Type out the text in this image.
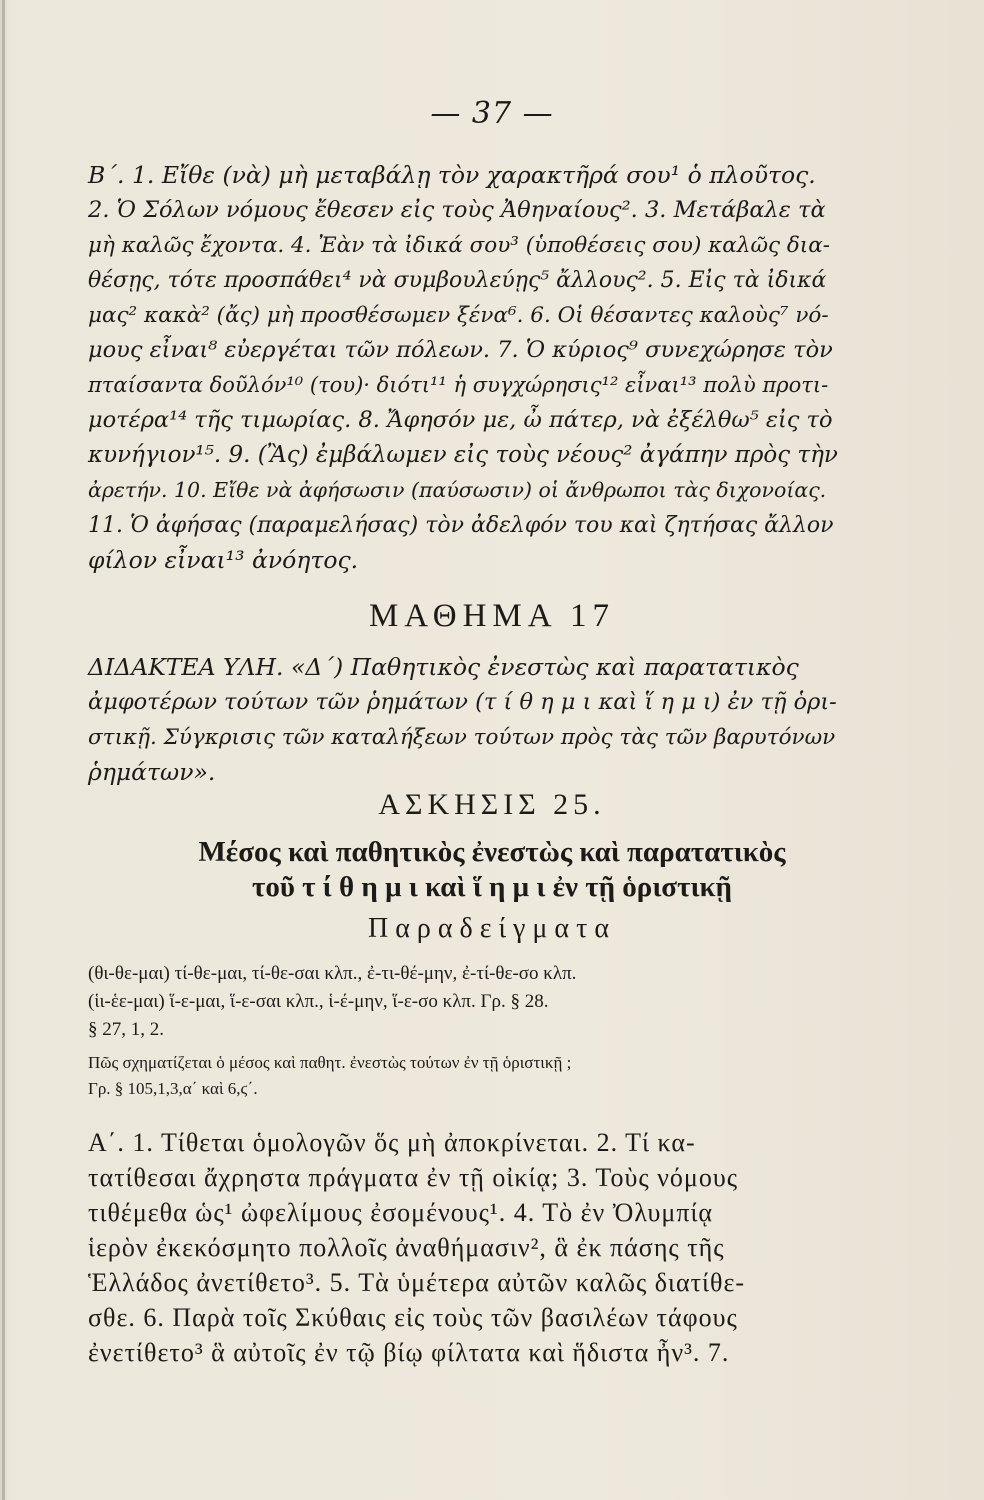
— 37 —
Β΄. 1. Εἴθε (νὰ) μὴ μεταβάλῃ τὸν χαρακτῆρά σου¹ ὁ πλοῦτος.
2. Ὁ Σόλων νόμους ἔθεσεν εἰς τοὺς Ἀθηναίους². 3. Μετάβαλε τὰ
μὴ καλῶς ἔχοντα. 4. Ἐὰν τὰ ἰδικά σου³ (ὑποθέσεις σου) καλῶς δια-
θέσῃς, τότε προσπάθει⁴ νὰ συμβουλεύῃς⁵ ἄλλους². 5. Εἰς τὰ ἰδικά
μας² κακὰ² (ἄς) μὴ προσθέσωμεν ξένα⁶. 6. Οἱ θέσαντες καλοὺς⁷ νό-
μους εἶναι⁸ εὐεργέται τῶν πόλεων. 7. Ὁ κύριος⁹ συνεχώρησε τὸν
πταίσαντα δοῦλόν¹⁰ (του)· διότι¹¹ ἡ συγχώρησις¹² εἶναι¹³ πολὺ προτι-
μοτέρα¹⁴ τῆς τιμωρίας. 8. Ἄφησόν με, ὦ πάτερ, νὰ ἐξέλθω⁵ εἰς τὸ
κυνήγιον¹⁵. 9. (Ἂς) ἐμβάλωμεν εἰς τοὺς νέους² ἀγάπην πρὸς τὴν
ἀρετήν. 10. Εἴθε νὰ ἀφήσωσιν (παύσωσιν) οἱ ἄνθρωποι τὰς διχονοίας.
11. Ὁ ἀφήσας (παραμελήσας) τὸν ἀδελφόν του καὶ ζητήσας ἄλλον
φίλον εἶναι¹³ ἀνόητος.
ΜΑΘΗΜΑ 17
ΔΙΔΑΚΤΕΑ ΥΛΗ. «Δ΄) Παθητικὸς ἐνεστὼς καὶ παρατατικὸς
ἀμφοτέρων τούτων τῶν ῥημάτων (τ ί θ η μ ι καὶ ἵ η μ ι) ἐν τῇ ὁρι-
στικῇ. Σύγκρισις τῶν καταλήξεων τούτων πρὸς τὰς τῶν βαρυτόνων
ῥημάτων».
ΑΣΚΗΣΙΣ 25.
Μέσος καὶ παθητικὸς ἐνεστὼς καὶ παρατατικὸς
τοῦ τ ί θ η μ ι καὶ ἵ η μ ι ἐν τῇ ὁριστικῇ
Παραδείγματα
(θι-θε-μαι) τί-θε-μαι, τί-θε-σαι κλπ., ἐ-τι-θέ-μην, ἐ-τί-θε-σο κλπ.
(ἱι-ἑε-μαι) ἵ-ε-μαι, ἵ-ε-σαι κλπ., ἱ-έ-μην, ἵ-ε-σο κλπ. Γρ. § 28.
§ 27, 1, 2.
Πῶς σχηματίζεται ὁ μέσος καὶ παθητ. ἐνεστὼς τούτων ἐν τῇ ὁριστικῇ ;
Γρ. § 105,1,3,α΄ καὶ 6,ϛ΄.
Α΄. 1. Τίθεται ὁμολογῶν ὅς μὴ ἀποκρίνεται. 2. Τί κα-
τατίθεσαι ἄχρηστα πράγματα ἐν τῇ οἰκίᾳ; 3. Τοὺς νόμους
τιθέμεθα ὡς¹ ὠφελίμους ἐσομένους¹. 4. Τὸ ἐν Ὀλυμπίᾳ
ἱερὸν ἐκεκόσμητο πολλοῖς ἀναθήμασιν², ἃ ἐκ πάσης τῆς
Ἑλλάδος ἀνετίθετο³. 5. Τὰ ὑμέτερα αὐτῶν καλῶς διατίθε-
σθε. 6. Παρὰ τοῖς Σκύθαις εἰς τοὺς τῶν βασιλέων τάφους
ἐνετίθετο³ ἃ αὐτοῖς ἐν τῷ βίῳ φίλτατα καὶ ἥδιστα ἦν³. 7.
